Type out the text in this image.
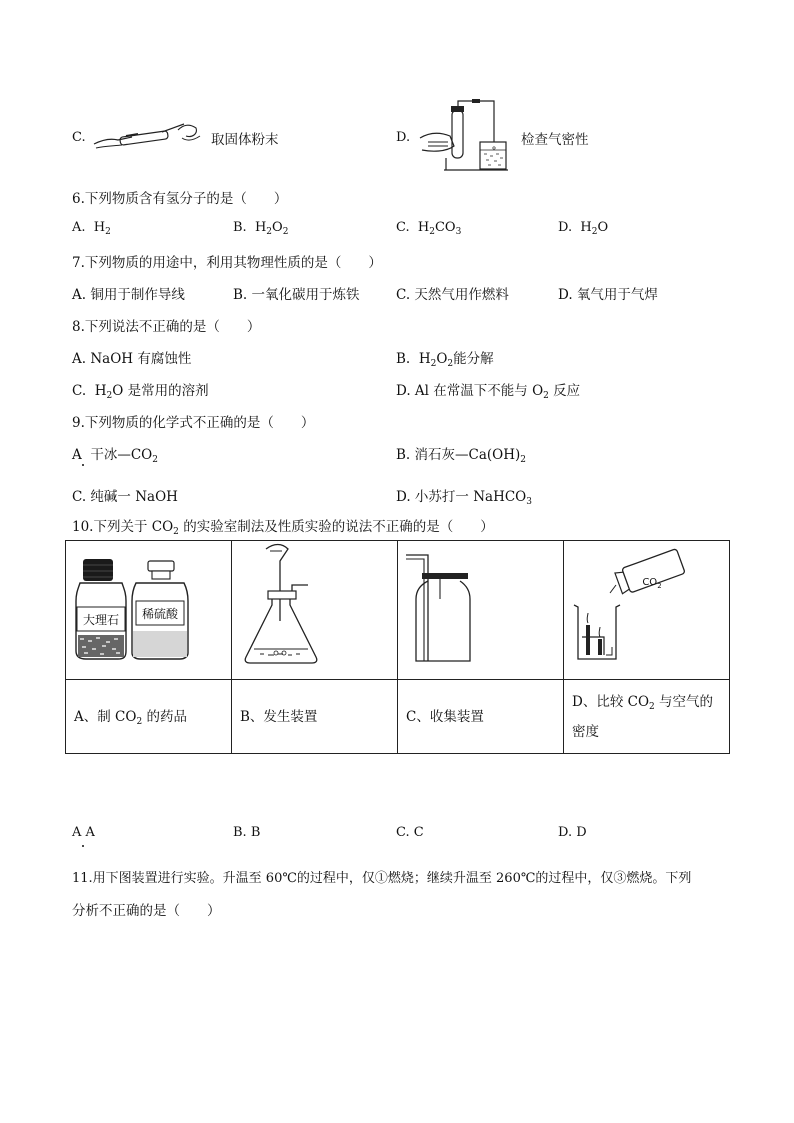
C.	取固体粉末	D.	检查气密性
6.下列物质含有氢分子的是（　　）
A. $H_2$	B. $H_2O_2$	C. $H_2CO_3$	D. $H_2O$
7.下列物质的用途中，利用其物理性质的是（　　）
A. 铜用于制作导线	B. 一氧化碳用于炼铁	C. 天然气用作燃料	D. 氧气用于气焊
8.下列说法不正确的是（　　）
A. NaOH 有腐蚀性	B. $H_2O_2$能分解
C. $H_2O$ 是常用的溶剂	D. Al 在常温下不能与 $O_2$ 反应
9.下列物质的化学式不正确的是（　　）
A 干冰$—CO_2$	B. 消石灰$—Ca(OH)_2$
C. 纯碱一 NaOH	D. 小苏打一 NaHCO$_3$
10.下列关于 $CO_2$ 的实验室制法及性质实验的说法不正确的是（　　）
大理石 稀硫酸			$CO_2$

A、制 $CO_2$ 的药品	B、发生装置	C、收集装置	D、比较 $CO_2$ 与空气的密度
A A	B. B	C. C	D. D
11.用下图装置进行实验。升温至 60℃的过程中，仅①燃烧；继续升温至 260℃的过程中，仅③燃烧。下列
分析不正确的是（　　）
